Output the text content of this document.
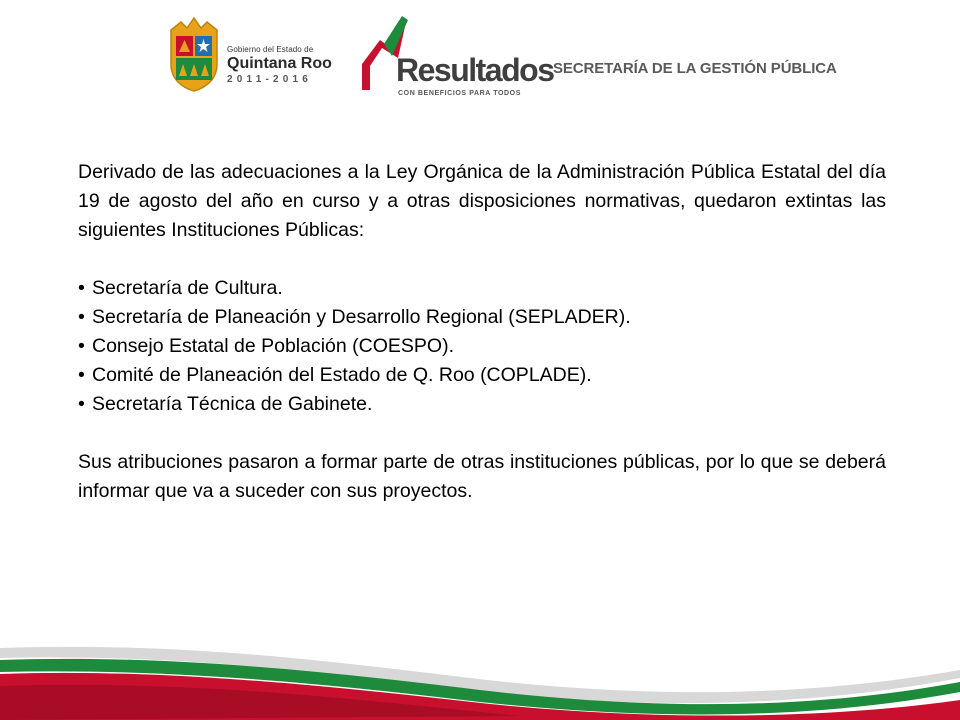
Gobierno del Estado de
Quintana Roo
2011-2016	Resultados
CON BENEFICIOS PARA TODOS
SECRETARÍA DE LA GESTIÓN PÚBLICA

Derivado de las adecuaciones a la Ley Orgánica de la Administración Pública Estatal del día 19 de agosto del año en curso y a otras disposiciones normativas, quedaron extintas las siguientes Instituciones Públicas:

• Secretaría de Cultura.
• Secretaría de Planeación y Desarrollo Regional (SEPLADER).
• Consejo Estatal de Población (COESPO).
• Comité de Planeación del Estado de Q. Roo (COPLADE).
• Secretaría Técnica de Gabinete.

Sus atribuciones pasaron a formar parte de otras instituciones públicas, por lo que se deberá informar que va a suceder con sus proyectos.
